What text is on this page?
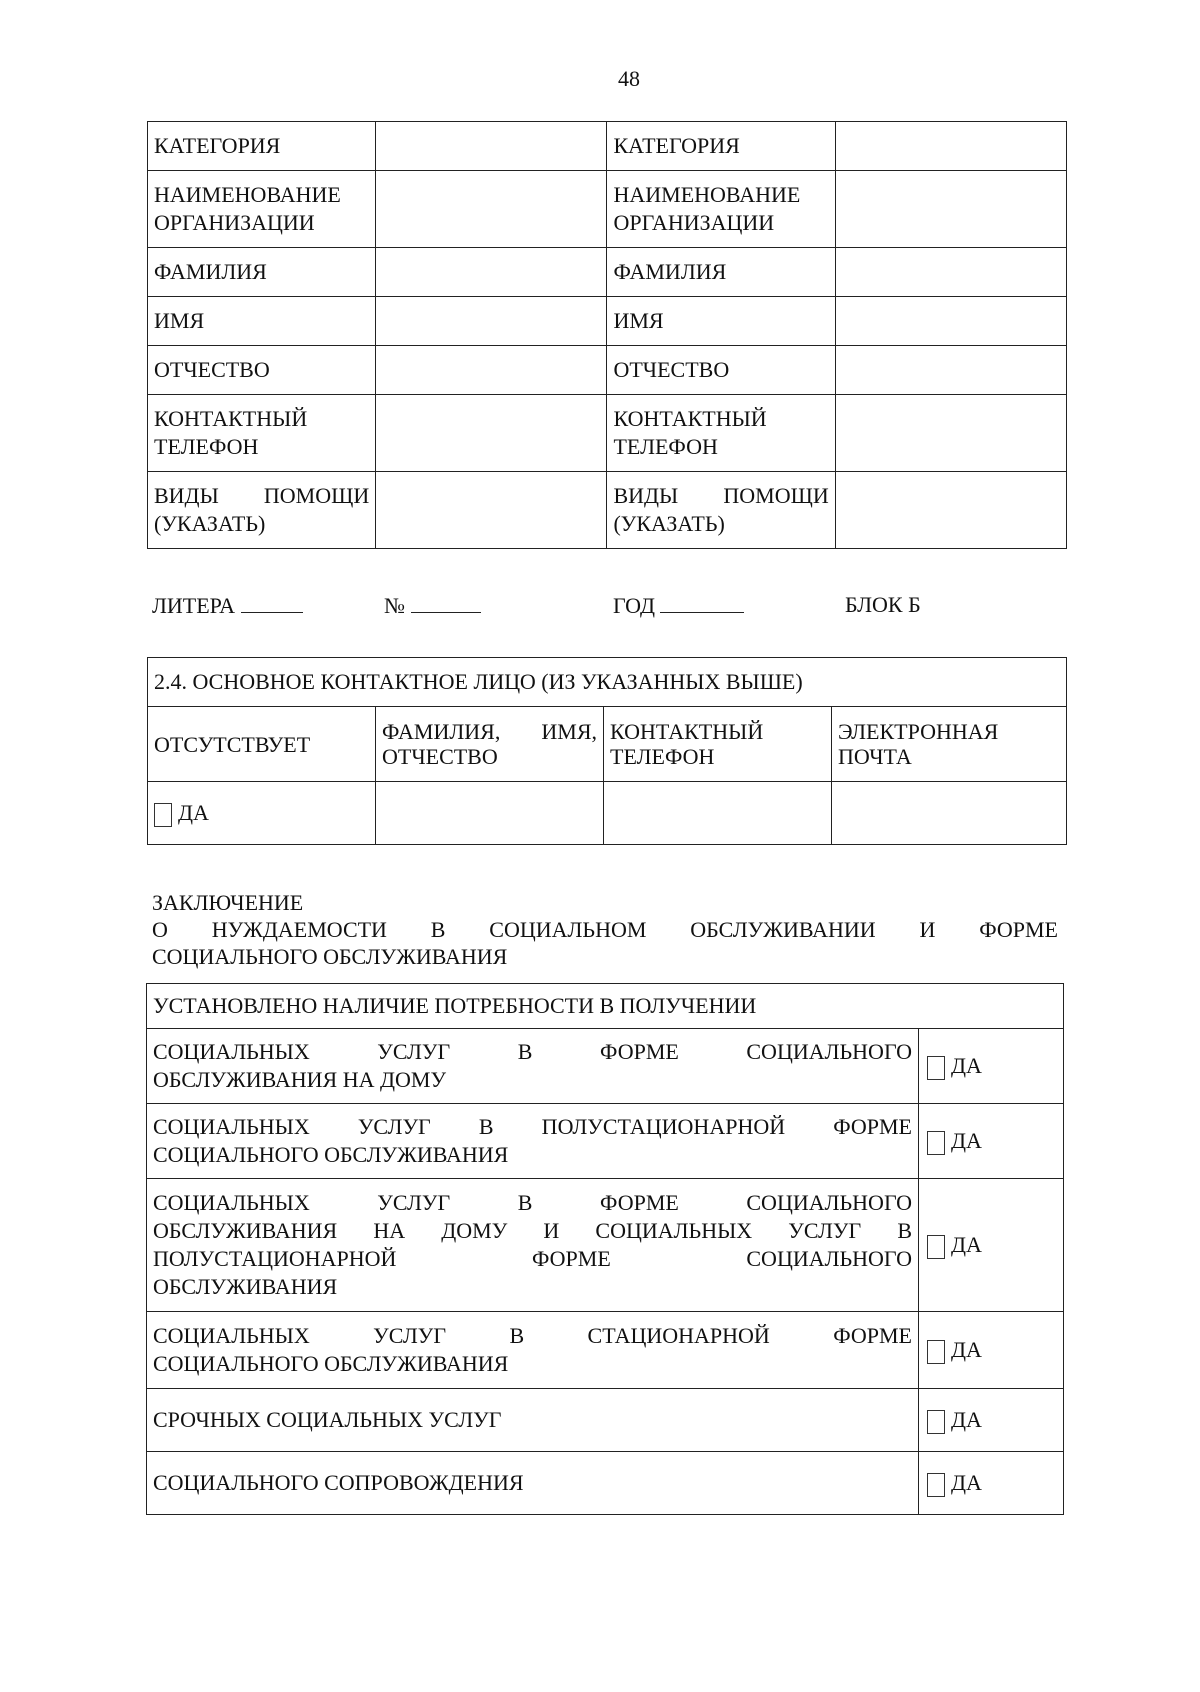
48
КАТЕГОРИЯ		КАТЕГОРИЯ	
НАИМЕНОВАНИЕ ОРГАНИЗАЦИИ		НАИМЕНОВАНИЕ ОРГАНИЗАЦИИ	
ФАМИЛИЯ		ФАМИЛИЯ	
ИМЯ		ИМЯ	
ОТЧЕСТВО		ОТЧЕСТВО	
КОНТАКТНЫЙ ТЕЛЕФОН		КОНТАКТНЫЙ ТЕЛЕФОН	
ВИДЫ ПОМОЩИ (УКАЗАТЬ)		ВИДЫ ПОМОЩИ (УКАЗАТЬ)	
ЛИТЕРА	№	ГОД	БЛОК Б
2.4. ОСНОВНОЕ КОНТАКТНОЕ ЛИЦО (ИЗ УКАЗАННЫХ ВЫШЕ)			
ОТСУТСТВУЕТ	ФАМИЛИЯ, ИМЯ, ОТЧЕСТВО	КОНТАКТНЫЙ ТЕЛЕФОН	ЭЛЕКТРОННАЯ ПОЧТА

ДА			

ЗАКЛЮЧЕНИЕ
О НУЖДАЕМОСТИ В СОЦИАЛЬНОМ ОБСЛУЖИВАНИИ И ФОРМЕ
СОЦИАЛЬНОГО ОБСЛУЖИВАНИЯ
УСТАНОВЛЕНО НАЛИЧИЕ ПОТРЕБНОСТИ В ПОЛУЧЕНИИ	

СОЦИАЛЬНЫХ УСЛУГ В ФОРМЕ СОЦИАЛЬНОГО
ОБСЛУЖИВАНИЯ НА ДОМУ	ДА

СОЦИАЛЬНЫХ УСЛУГ В ПОЛУСТАЦИОНАРНОЙ ФОРМЕ
СОЦИАЛЬНОГО ОБСЛУЖИВАНИЯ	ДА

СОЦИАЛЬНЫХ УСЛУГ В ФОРМЕ СОЦИАЛЬНОГО
ОБСЛУЖИВАНИЯ НА ДОМУ И СОЦИАЛЬНЫХ УСЛУГ В
ПОЛУСТАЦИОНАРНОЙ ФОРМЕ СОЦИАЛЬНОГО
ОБСЛУЖИВАНИЯ	ДА

СОЦИАЛЬНЫХ УСЛУГ В СТАЦИОНАРНОЙ ФОРМЕ
СОЦИАЛЬНОГО ОБСЛУЖИВАНИЯ	ДА

СРОЧНЫХ СОЦИАЛЬНЫХ УСЛУГ	ДА

СОЦИАЛЬНОГО СОПРОВОЖДЕНИЯ	ДА
